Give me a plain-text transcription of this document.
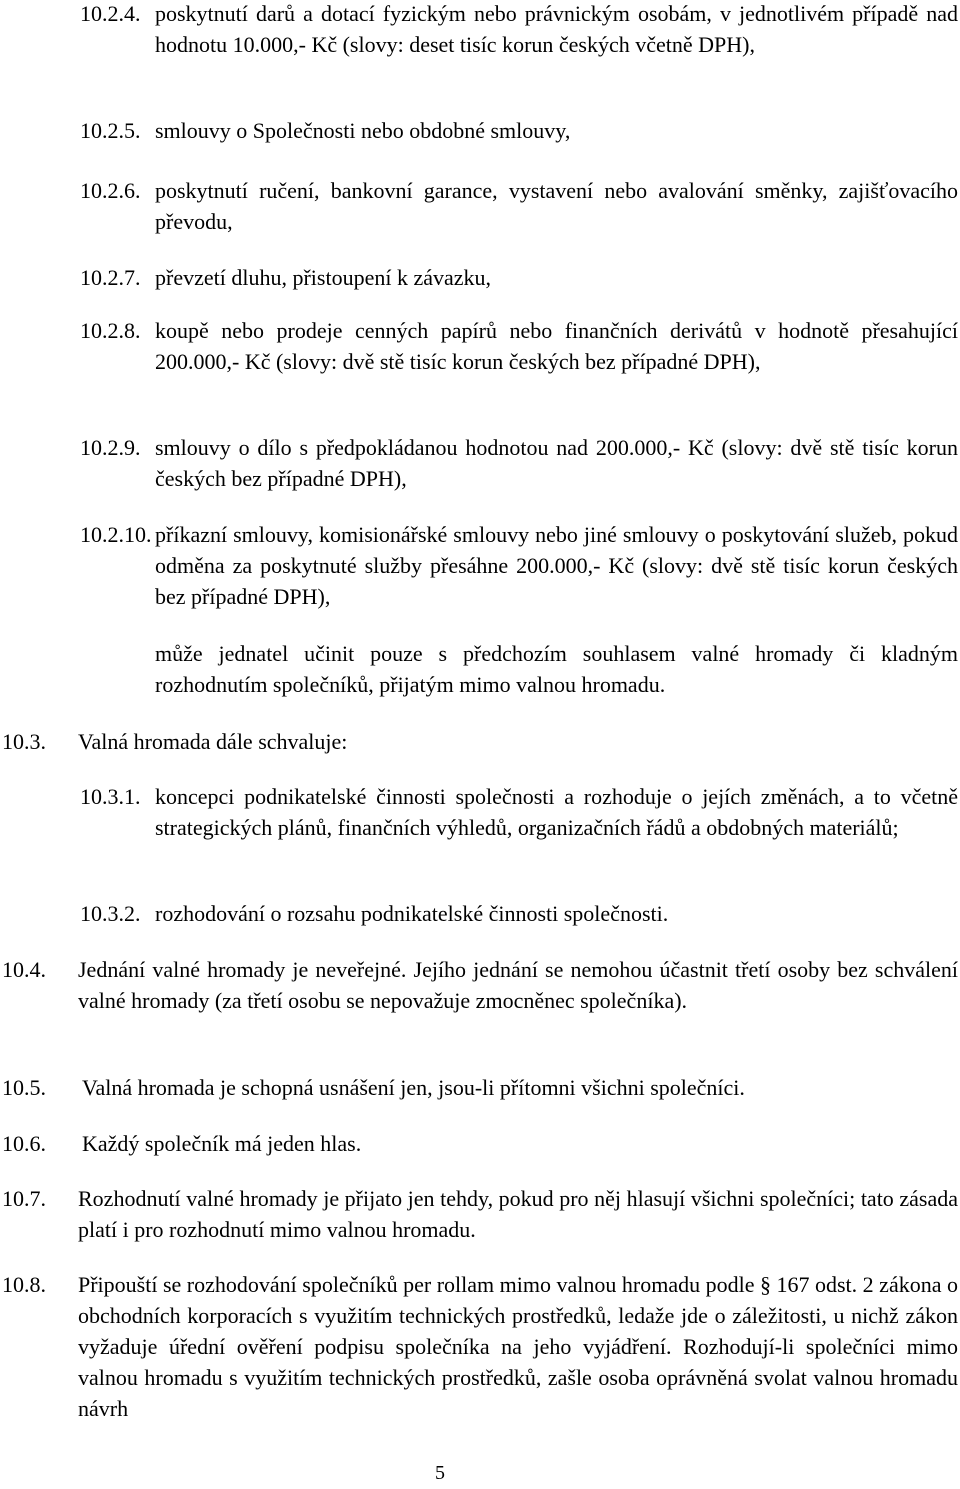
10.2.4. poskytnutí darů a dotací fyzickým nebo právnickým osobám, v jednotlivém případě nad hodnotu 10.000,- Kč (slovy: deset tisíc korun českých včetně DPH),
10.2.5. smlouvy o Společnosti nebo obdobné smlouvy,
10.2.6. poskytnutí ručení, bankovní garance, vystavení nebo avalování směnky, zajišťovacího převodu,
10.2.7. převzetí dluhu, přistoupení k závazku,
10.2.8. koupě nebo prodeje cenných papírů nebo finančních derivátů v hodnotě přesahující 200.000,- Kč (slovy: dvě stě tisíc korun českých bez případné DPH),
10.2.9. smlouvy o dílo s předpokládanou hodnotou nad 200.000,- Kč (slovy: dvě stě tisíc korun českých bez případné DPH),
10.2.10. příkazní smlouvy, komisionářské smlouvy nebo jiné smlouvy o poskytování služeb, pokud odměna za poskytnuté služby přesáhne 200.000,- Kč (slovy: dvě stě tisíc korun českých bez případné DPH),

může jednatel učinit pouze s předchozím souhlasem valné hromady či kladným rozhodnutím společníků, přijatým mimo valnou hromadu.

10.3. Valná hromada dále schvaluje:
10.3.1. koncepci podnikatelské činnosti společnosti a rozhoduje o jejích změnách, a to včetně strategických plánů, finančních výhledů, organizačních řádů a obdobných materiálů;
10.3.2. rozhodování o rozsahu podnikatelské činnosti společnosti.
10.4. Jednání valné hromady je neveřejné. Jejího jednání se nemohou účastnit třetí osoby bez schválení valné hromady (za třetí osobu se nepovažuje zmocněnec společníka).
10.5. Valná hromada je schopná usnášení jen, jsou-li přítomni všichni společníci.
10.6. Každý společník má jeden hlas.
10.7. Rozhodnutí valné hromady je přijato jen tehdy, pokud pro něj hlasují všichni společníci; tato zásada platí i pro rozhodnutí mimo valnou hromadu.
10.8. Připouští se rozhodování společníků per rollam mimo valnou hromadu podle § 167 odst. 2 zákona o obchodních korporacích s využitím technických prostředků, ledaže jde o záležitosti, u nichž zákon vyžaduje úřední ověření podpisu společníka na jeho vyjádření. Rozhodují-li společníci mimo valnou hromadu s využitím technických prostředků, zašle osoba oprávněná svolat valnou hromadu návrh
5
